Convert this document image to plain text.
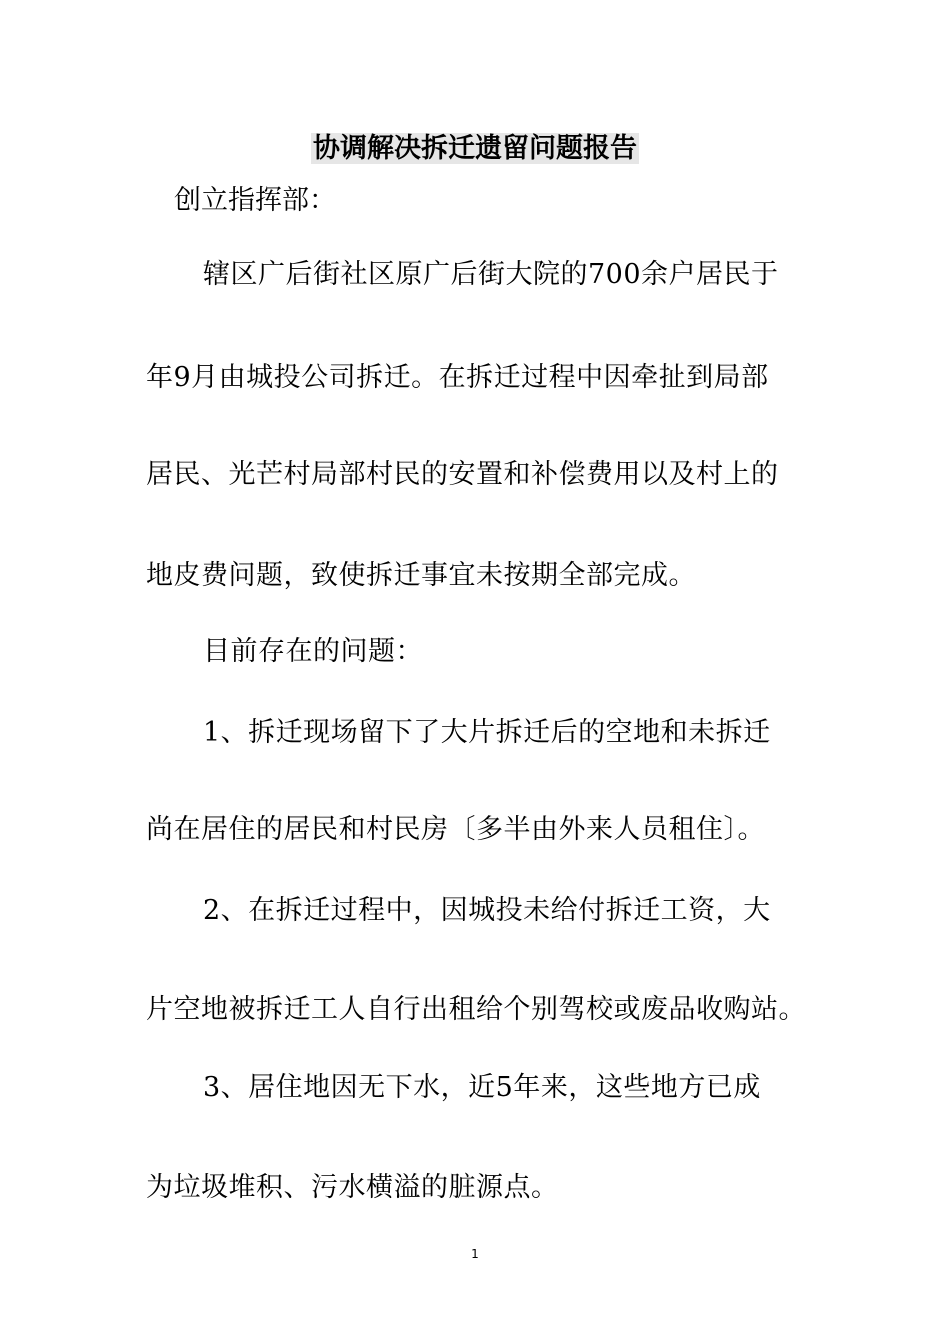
协调解决拆迁遗留问题报告
创立指挥部：
辖区广后街社区原广后街大院的700余户居民于
年9月由城投公司拆迁。在拆迁过程中因牵扯到局部
居民、光芒村局部村民的安置和补偿费用以及村上的
地皮费问题，致使拆迁事宜未按期全部完成。
目前存在的问题：
1、拆迁现场留下了大片拆迁后的空地和未拆迁
尚在居住的居民和村民房〔多半由外来人员租住〕。
2、在拆迁过程中，因城投未给付拆迁工资，大
片空地被拆迁工人自行出租给个别驾校或废品收购站。
3、居住地因无下水，近5年来，这些地方已成
为垃圾堆积、污水横溢的脏源点。
1
